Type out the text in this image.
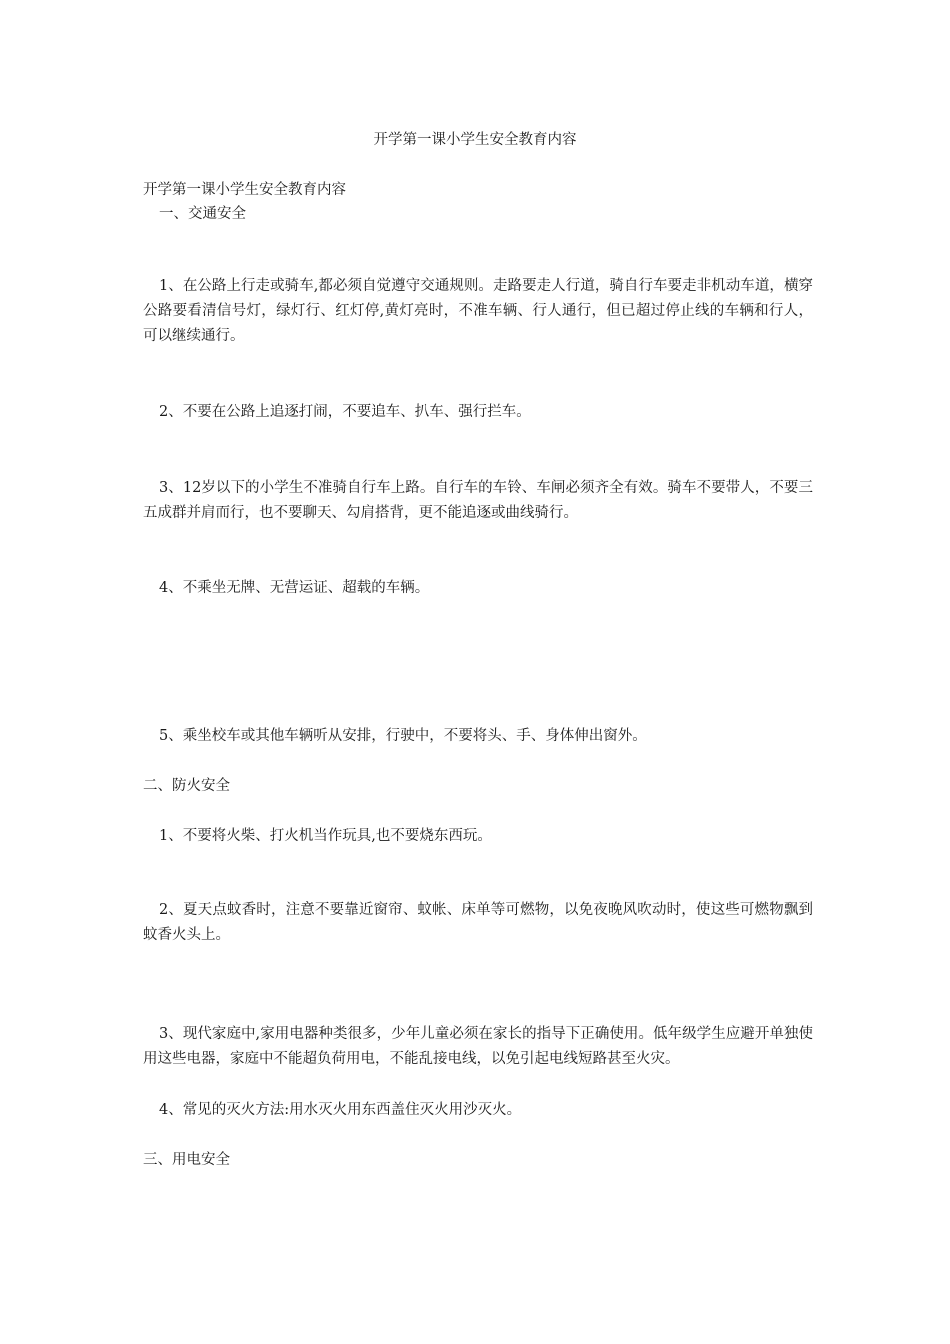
开学第一课小学生安全教育内容
开学第一课小学生安全教育内容
一、交通安全
1、在公路上行走或骑车,都必须自觉遵守交通规则。走路要走人行道，骑自行车要走非机动车道，横穿公路要看清信号灯，绿灯行、红灯停,黄灯亮时，不准车辆、行人通行，但已超过停止线的车辆和行人，可以继续通行。
2、不要在公路上追逐打闹，不要追车、扒车、强行拦车。
3、12岁以下的小学生不准骑自行车上路。自行车的车铃、车闸必须齐全有效。骑车不要带人，不要三五成群并肩而行，也不要聊天、勾肩搭背，更不能追逐或曲线骑行。
4、不乘坐无牌、无营运证、超载的车辆。
5、乘坐校车或其他车辆听从安排，行驶中，不要将头、手、身体伸出窗外。
二、防火安全
1、不要将火柴、打火机当作玩具,也不要烧东西玩。
2、夏天点蚊香时，注意不要靠近窗帘、蚊帐、床单等可燃物，以免夜晚风吹动时，使这些可燃物飘到蚊香火头上。
3、现代家庭中,家用电器种类很多，少年儿童必须在家长的指导下正确使用。低年级学生应避开单独使用这些电器，家庭中不能超负荷用电，不能乱接电线，以免引起电线短路甚至火灾。
4、常见的灭火方法:用水灭火用东西盖住灭火用沙灭火。
三、用电安全
